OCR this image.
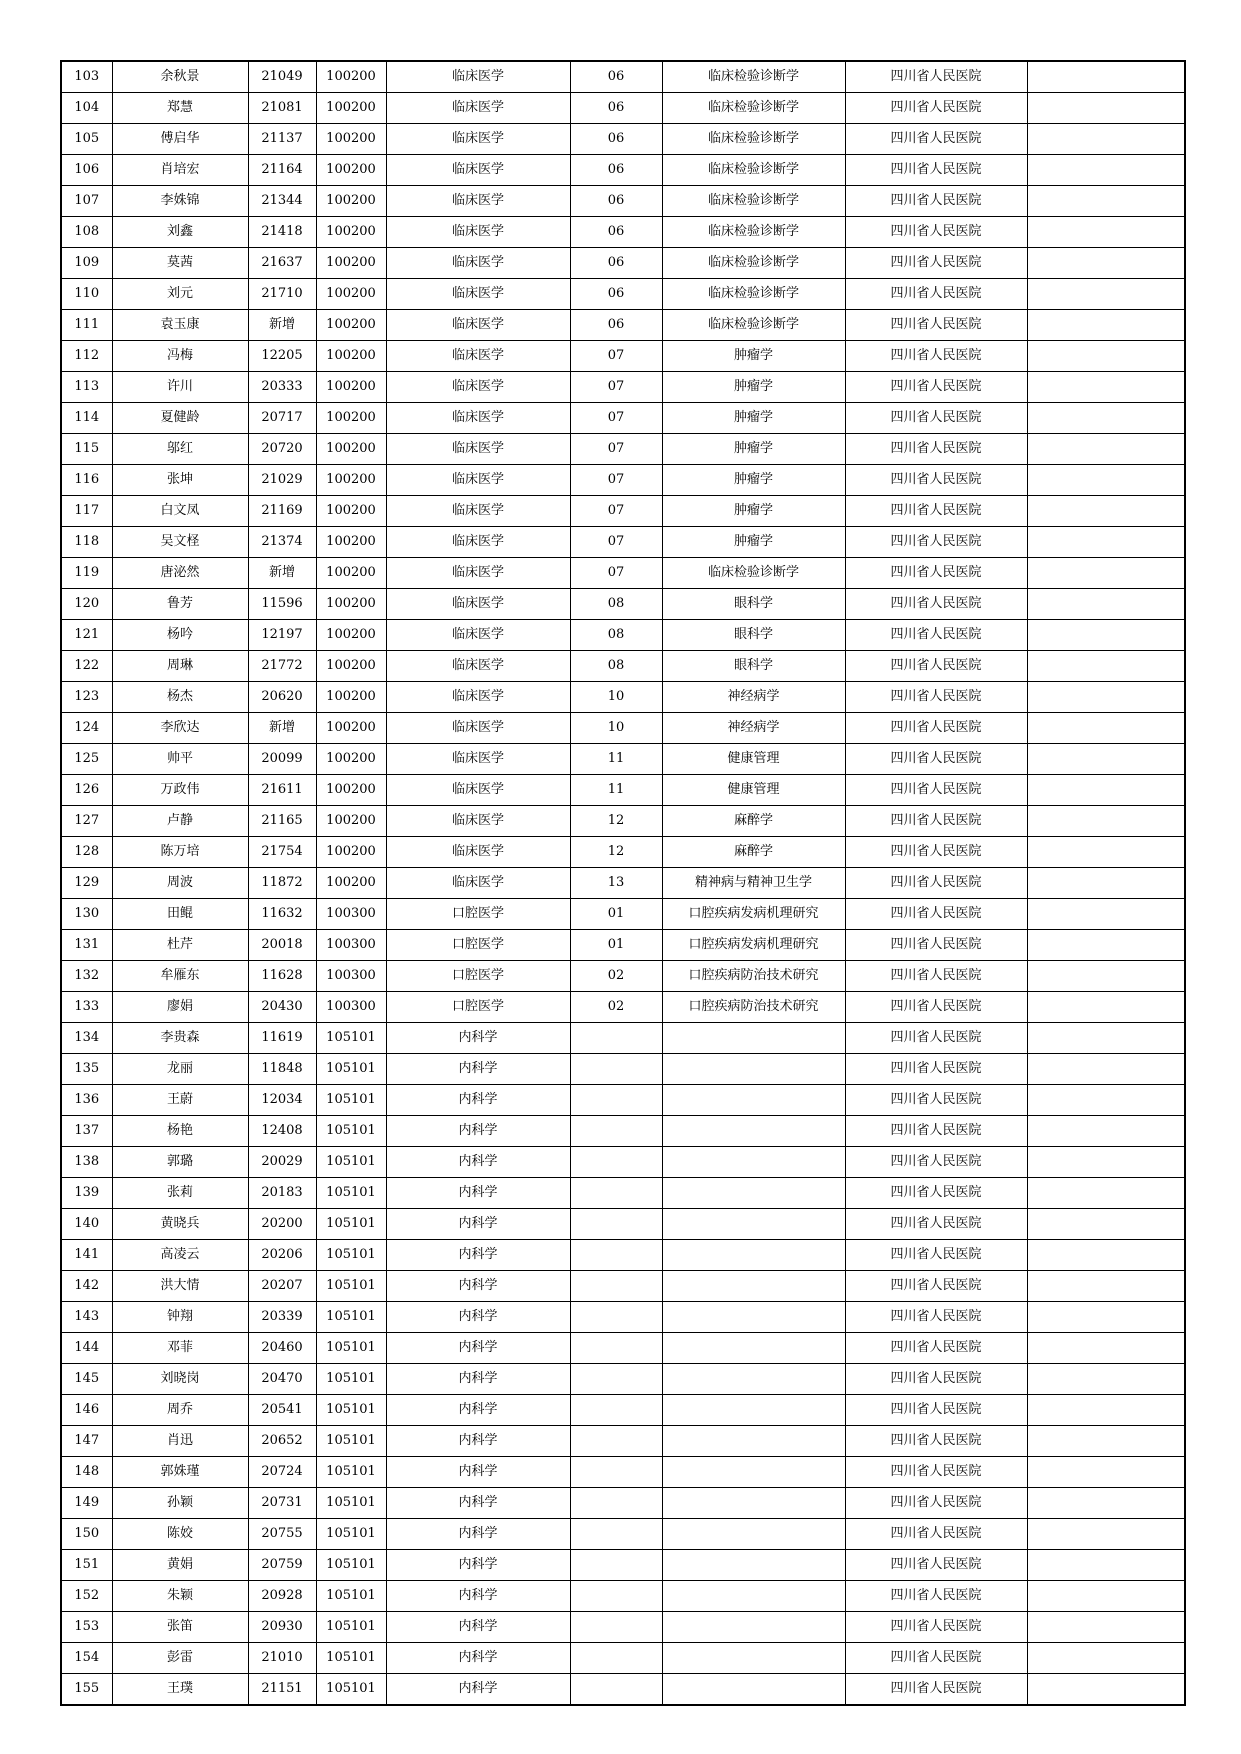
103	余秋景	21049	100200	临床医学	06	临床检验诊断学	四川省人民医院	
104	郑慧	21081	100200	临床医学	06	临床检验诊断学	四川省人民医院	
105	傅启华	21137	100200	临床医学	06	临床检验诊断学	四川省人民医院	
106	肖培宏	21164	100200	临床医学	06	临床检验诊断学	四川省人民医院	
107	李姝锦	21344	100200	临床医学	06	临床检验诊断学	四川省人民医院	
108	刘鑫	21418	100200	临床医学	06	临床检验诊断学	四川省人民医院	
109	莫茜	21637	100200	临床医学	06	临床检验诊断学	四川省人民医院	
110	刘元	21710	100200	临床医学	06	临床检验诊断学	四川省人民医院	
111	袁玉康	新增	100200	临床医学	06	临床检验诊断学	四川省人民医院	
112	冯梅	12205	100200	临床医学	07	肿瘤学	四川省人民医院	
113	许川	20333	100200	临床医学	07	肿瘤学	四川省人民医院	
114	夏健龄	20717	100200	临床医学	07	肿瘤学	四川省人民医院	
115	邬红	20720	100200	临床医学	07	肿瘤学	四川省人民医院	
116	张坤	21029	100200	临床医学	07	肿瘤学	四川省人民医院	
117	白文凤	21169	100200	临床医学	07	肿瘤学	四川省人民医院	
118	吴文柽	21374	100200	临床医学	07	肿瘤学	四川省人民医院	
119	唐泌然	新增	100200	临床医学	07	临床检验诊断学	四川省人民医院	
120	鲁芳	11596	100200	临床医学	08	眼科学	四川省人民医院	
121	杨吟	12197	100200	临床医学	08	眼科学	四川省人民医院	
122	周琳	21772	100200	临床医学	08	眼科学	四川省人民医院	
123	杨杰	20620	100200	临床医学	10	神经病学	四川省人民医院	
124	李欣达	新增	100200	临床医学	10	神经病学	四川省人民医院	
125	帅平	20099	100200	临床医学	11	健康管理	四川省人民医院	
126	万政伟	21611	100200	临床医学	11	健康管理	四川省人民医院	
127	卢静	21165	100200	临床医学	12	麻醉学	四川省人民医院	
128	陈万培	21754	100200	临床医学	12	麻醉学	四川省人民医院	
129	周波	11872	100200	临床医学	13	精神病与精神卫生学	四川省人民医院	
130	田鲲	11632	100300	口腔医学	01	口腔疾病发病机理研究	四川省人民医院	
131	杜芹	20018	100300	口腔医学	01	口腔疾病发病机理研究	四川省人民医院	
132	牟雁东	11628	100300	口腔医学	02	口腔疾病防治技术研究	四川省人民医院	
133	廖娟	20430	100300	口腔医学	02	口腔疾病防治技术研究	四川省人民医院	
134	李贵森	11619	105101	内科学			四川省人民医院	
135	龙丽	11848	105101	内科学			四川省人民医院	
136	王蔚	12034	105101	内科学			四川省人民医院	
137	杨艳	12408	105101	内科学			四川省人民医院	
138	郭璐	20029	105101	内科学			四川省人民医院	
139	张莉	20183	105101	内科学			四川省人民医院	
140	黄晓兵	20200	105101	内科学			四川省人民医院	
141	高凌云	20206	105101	内科学			四川省人民医院	
142	洪大情	20207	105101	内科学			四川省人民医院	
143	钟翔	20339	105101	内科学			四川省人民医院	
144	邓菲	20460	105101	内科学			四川省人民医院	
145	刘晓岗	20470	105101	内科学			四川省人民医院	
146	周乔	20541	105101	内科学			四川省人民医院	
147	肖迅	20652	105101	内科学			四川省人民医院	
148	郭姝瑾	20724	105101	内科学			四川省人民医院	
149	孙颖	20731	105101	内科学			四川省人民医院	
150	陈姣	20755	105101	内科学			四川省人民医院	
151	黄娟	20759	105101	内科学			四川省人民医院	
152	朱颖	20928	105101	内科学			四川省人民医院	
153	张笛	20930	105101	内科学			四川省人民医院	
154	彭雷	21010	105101	内科学			四川省人民医院	
155	王璞	21151	105101	内科学			四川省人民医院	
